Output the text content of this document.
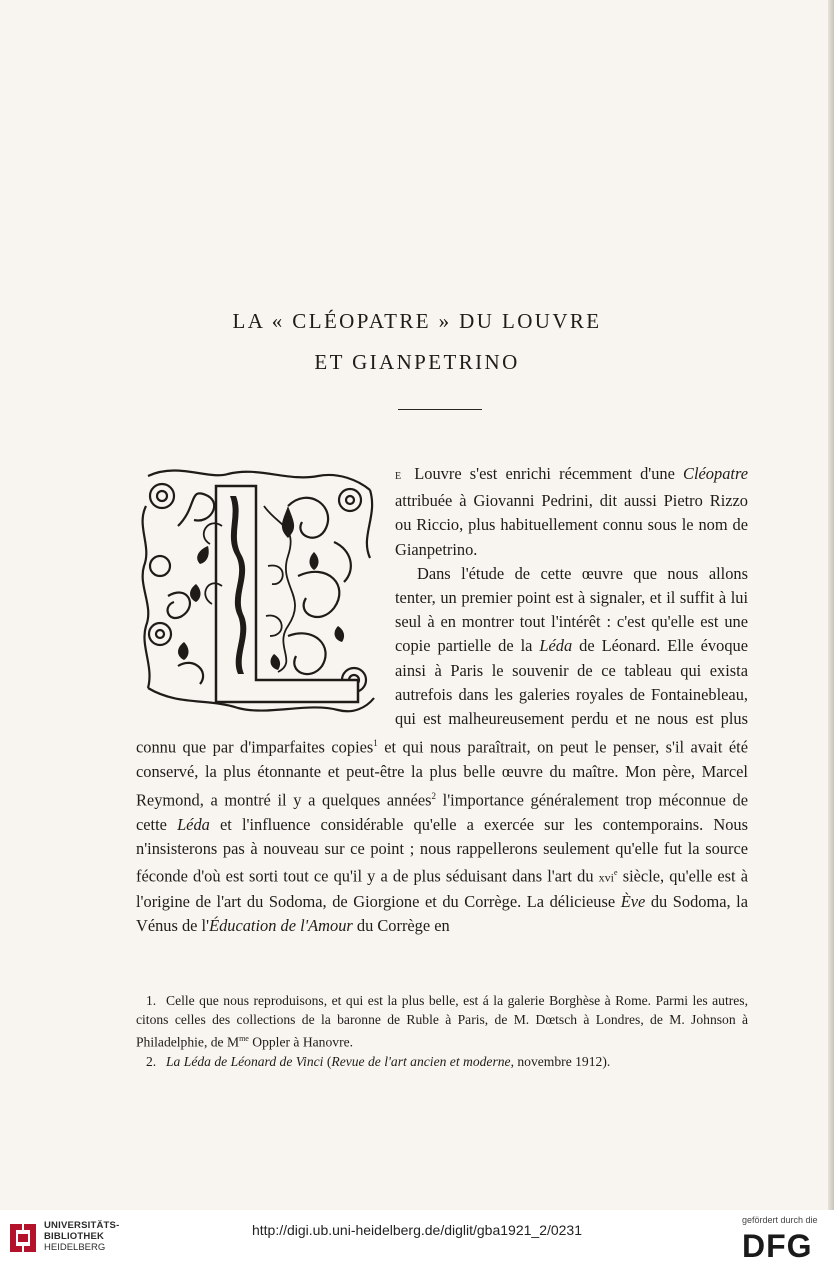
LA « CLÉOPATRE » DU LOUVRE
ET GIANPETRINO

E Louvre s'est enrichi récemment d'une Cléopatre attribuée à Giovanni Pedrini, dit aussi Pietro Rizzo ou Riccio, plus habituellement connu sous le nom de Gianpetrino.

Dans l'étude de cette œuvre que nous allons tenter, un premier point est à signaler, et il suffit à lui seul à en montrer tout l'intérêt : c'est qu'elle est une copie partielle de la Léda de Léonard. Elle évoque ainsi à Paris le souvenir de ce tableau qui exista autrefois dans les galeries royales de Fontainebleau, qui est malheureusement perdu et ne nous est plus connu que par d'imparfaites copies$^1$ et qui nous paraîtrait, on peut le penser, s'il avait été conservé, la plus étonnante et peut-être la plus belle œuvre du maître. Mon père, Marcel Reymond, a montré il y a quelques années$^2$ l'importance généralement trop méconnue de cette Léda et l'influence considérable qu'elle a exercée sur les contemporains. Nous n'insisterons pas à nouveau sur ce point ; nous rappellerons seulement qu'elle fut la source féconde d'où est sorti tout ce qu'il y a de plus séduisant dans l'art du xvi$^e$ siècle, qu'elle est à l'origine de l'art du Sodoma, de Giorgione et du Corrège. La délicieuse Ève du Sodoma, la Vénus de l'Éducation de l'Amour du Corrège en

1. Celle que nous reproduisons, et qui est la plus belle, est á la galerie Borghèse à Rome. Parmi les autres, citons celles des collections de la baronne de Ruble à Paris, de M. Dœtsch à Londres, de M. Johnson à Philadelphie, de $M^{me}$ Oppler à Hanovre.

2. La Léda de Léonard de Vinci (Revue de l'art ancien et moderne, novembre 1912).

UNIVERSITÄTS-
BIBLIOTHEK
HEIDELBERG
http://digi.ub.uni-heidelberg.de/diglit/gba1921_2/0231
gefördert durch die
DFG
